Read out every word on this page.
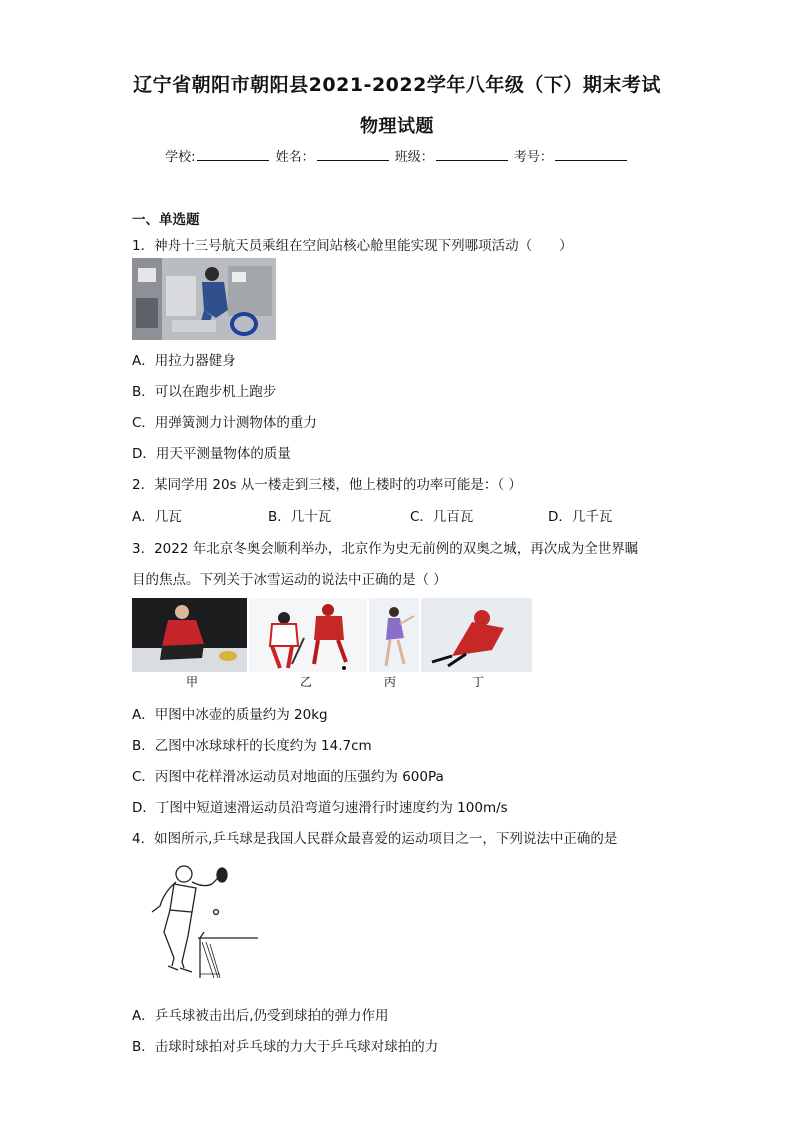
辽宁省朝阳市朝阳县2021-2022学年八年级（下）期末考试
物理试题
学校:	姓名：	班级：	考号：
一、单选题
1．神舟十三号航天员乘组在空间站核心舱里能实现下列哪项活动（　　）
A．用拉力器健身
B．可以在跑步机上跑步
C．用弹簧测力计测物体的重力
D．用天平测量物体的质量
2．某同学用 20s 从一楼走到三楼，他上楼时的功率可能是：（ ）
A．几瓦	B．几十瓦	C．几百瓦	D．几千瓦
3．2022 年北京冬奥会顺利举办，北京作为史无前例的双奥之城，再次成为全世界瞩
目的焦点。下列关于冰雪运动的说法中正确的是（ ）
甲	乙	丙	丁
A．甲图中冰壶的质量约为 20kg
B．乙图中冰球球杆的长度约为 14.7cm
C．丙图中花样滑冰运动员对地面的压强约为 600Pa
D．丁图中短道速滑运动员沿弯道匀速滑行时速度约为 100m/s
4．如图所示,乒乓球是我国人民群众最喜爱的运动项目之一，下列说法中正确的是
A．乒乓球被击出后,仍受到球拍的弹力作用
B．击球时球拍对乒乓球的力大于乒乓球对球拍的力
